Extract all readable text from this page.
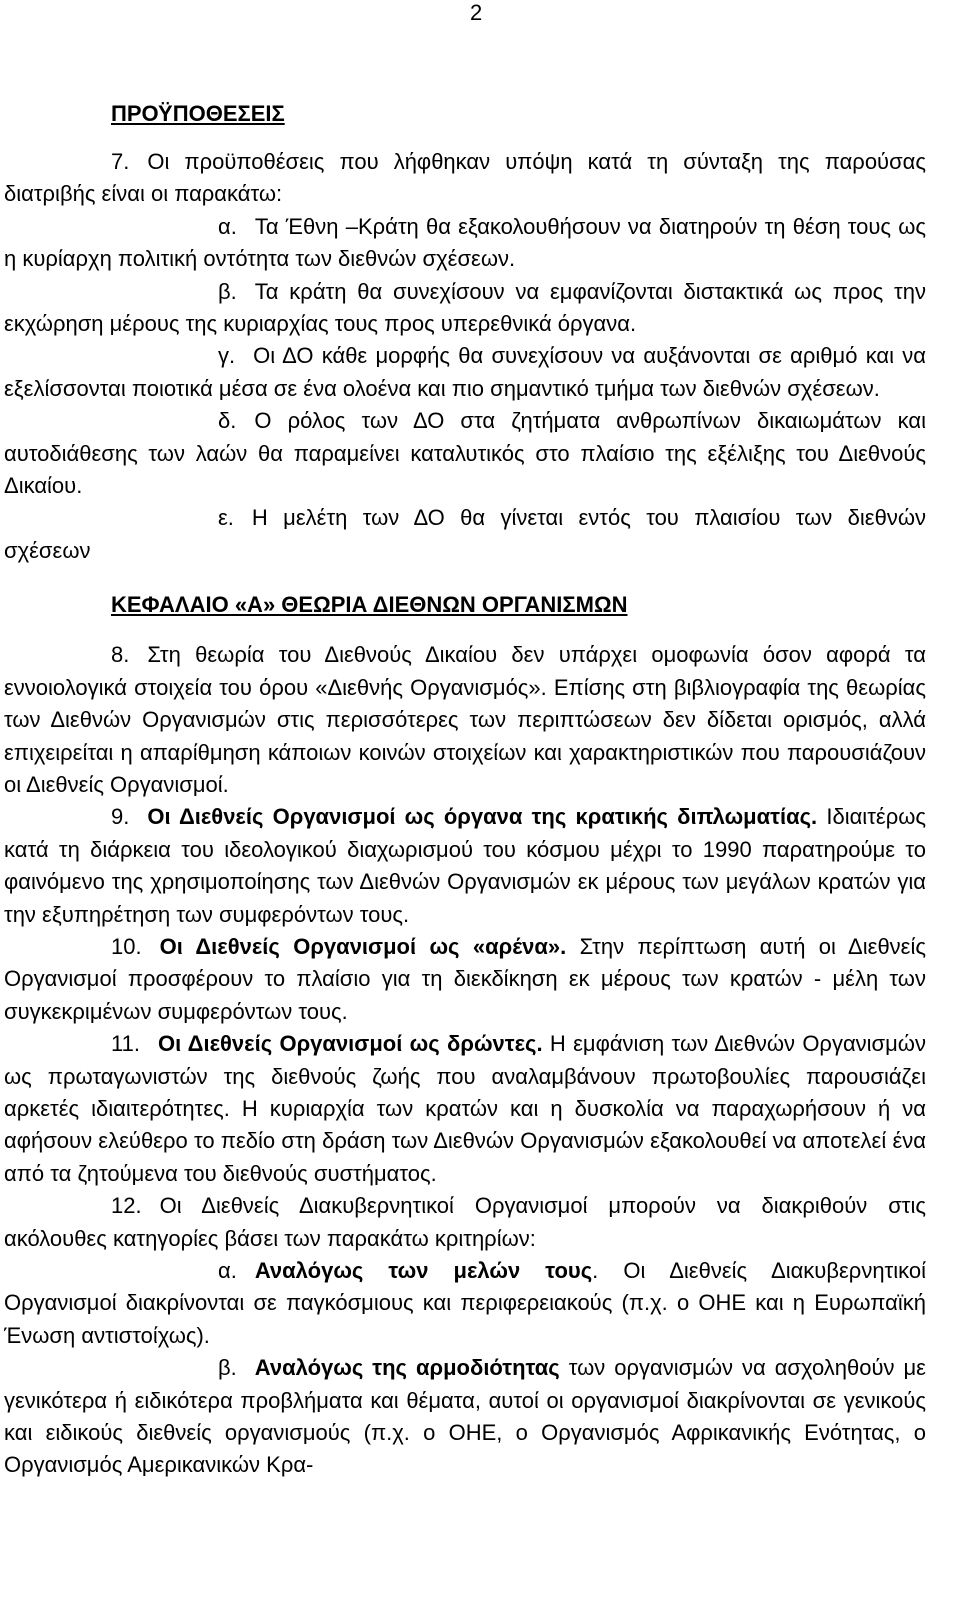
2
ΠΡΟΫΠΟΘΕΣΕΙΣ

7. Οι προϋποθέσεις που λήφθηκαν υπόψη κατά τη σύνταξη της παρούσας διατριβής είναι οι παρακάτω:

α. Τα Έθνη –Κράτη θα εξακολουθήσουν να διατηρούν τη θέση τους ως η κυρίαρχη πολιτική οντότητα των διεθνών σχέσεων.

β. Τα κράτη θα συνεχίσουν να εμφανίζονται διστακτικά ως προς την εκχώρηση μέρους της κυριαρχίας τους προς υπερεθνικά όργανα.

γ. Οι ΔΟ κάθε μορφής θα συνεχίσουν να αυξάνονται σε αριθμό και να εξελίσσονται ποιοτικά μέσα σε ένα ολοένα και πιο σημαντικό τμήμα των διεθνών σχέσεων.

δ. Ο ρόλος των ΔΟ στα ζητήματα ανθρωπίνων δικαιωμάτων και αυτοδιάθεσης των λαών θα παραμείνει καταλυτικός στο πλαίσιο της εξέλιξης του Διεθνούς Δικαίου.

ε. Η μελέτη των ΔΟ θα γίνεται εντός του πλαισίου των διεθνών σχέσεων

ΚΕΦΑΛΑΙΟ «Α» ΘΕΩΡΙΑ ΔΙΕΘΝΩΝ ΟΡΓΑΝΙΣΜΩΝ

8. Στη θεωρία του Διεθνούς Δικαίου δεν υπάρχει ομοφωνία όσον αφορά τα εννοιολογικά στοιχεία του όρου «Διεθνής Οργανισμός». Επίσης στη βιβλιογραφία της θεωρίας των Διεθνών Οργανισμών στις περισσότερες των περιπτώσεων δεν δίδεται ορισμός, αλλά επιχειρείται η απαρίθμηση κάποιων κοινών στοιχείων και χαρακτηριστικών που παρουσιάζουν οι Διεθνείς Οργανισμοί.

9. Οι Διεθνείς Οργανισμοί ως όργανα της κρατικής διπλωματίας. Ιδιαιτέρως κατά τη διάρκεια του ιδεολογικού διαχωρισμού του κόσμου μέχρι το 1990 παρατηρούμε το φαινόμενο της χρησιμοποίησης των Διεθνών Οργανισμών εκ μέρους των μεγάλων κρατών για την εξυπηρέτηση των συμφερόντων τους.

10. Οι Διεθνείς Οργανισμοί ως «αρένα». Στην περίπτωση αυτή οι Διεθνείς Οργανισμοί προσφέρουν το πλαίσιο για τη διεκδίκηση εκ μέρους των κρατών - μέλη των συγκεκριμένων συμφερόντων τους.

11. Οι Διεθνείς Οργανισμοί ως δρώντες. Η εμφάνιση των Διεθνών Οργανισμών ως πρωταγωνιστών της διεθνούς ζωής που αναλαμβάνουν πρωτοβουλίες παρουσιάζει αρκετές ιδιαιτερότητες. Η κυριαρχία των κρατών και η δυσκολία να παραχωρήσουν ή να αφήσουν ελεύθερο το πεδίο στη δράση των Διεθνών Οργανισμών εξακολουθεί να αποτελεί ένα από τα ζητούμενα του διεθνούς συστήματος.

12. Οι Διεθνείς Διακυβερνητικοί Οργανισμοί μπορούν να διακριθούν στις ακόλουθες κατηγορίες βάσει των παρακάτω κριτηρίων:

α. Αναλόγως των μελών τους. Οι Διεθνείς Διακυβερνητικοί Οργανισμοί διακρίνονται σε παγκόσμιους και περιφερειακούς (π.χ. ο ΟΗΕ και η Ευρωπαϊκή Ένωση αντιστοίχως).

β. Αναλόγως της αρμοδιότητας των οργανισμών να ασχοληθούν με γενικότερα ή ειδικότερα προβλήματα και θέματα, αυτοί οι οργανισμοί διακρίνονται σε γενικούς και ειδικούς διεθνείς οργανισμούς (π.χ. ο ΟΗΕ, ο Οργανισμός Αφρικανικής Ενότητας, ο Οργανισμός Αμερικανικών Κρα-
